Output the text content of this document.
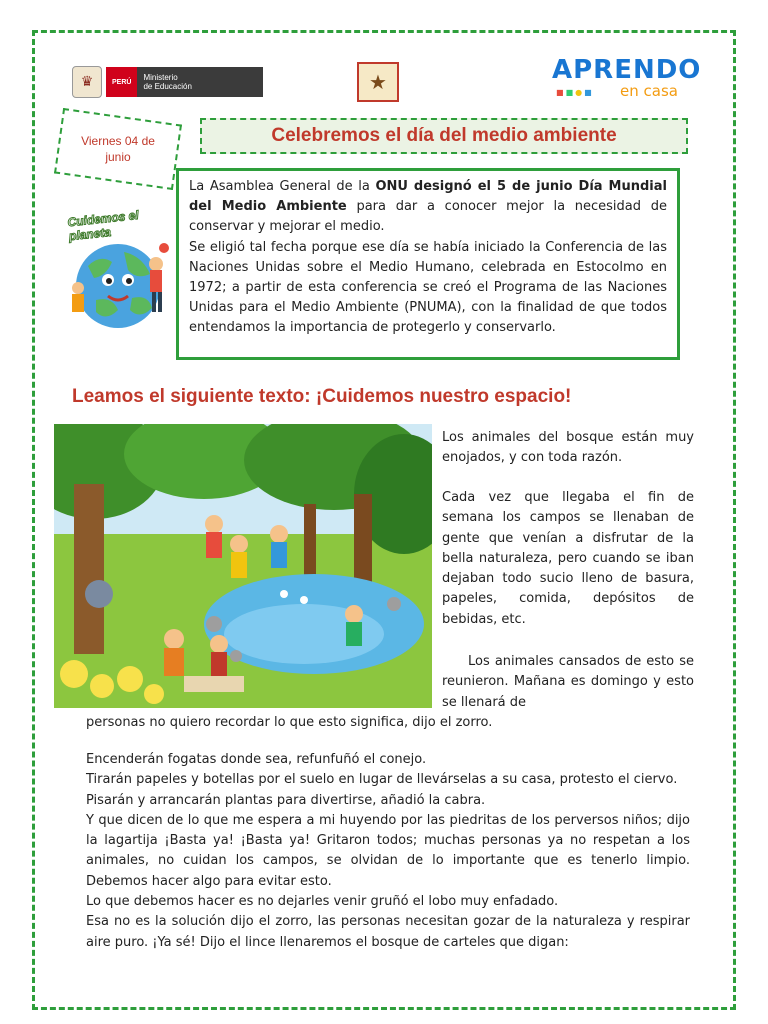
♛	PERÚ	Ministerio
de Educación	★	APRENDO
■■●■ en casa
Viernes 04 de junio
Celebremos el día del medio ambiente
Cuidemos el planeta

La Asamblea General de la ONU designó el 5 de junio Día Mundial del Medio Ambiente para dar a conocer mejor la necesidad de conservar y mejorar el medio.

Se eligió tal fecha porque ese día se había iniciado la Conferencia de las Naciones Unidas sobre el Medio Humano, celebrada en Estocolmo en 1972; a partir de esta conferencia se creó el Programa de las Naciones Unidas para el Medio Ambiente (PNUMA), con la finalidad de que todos entendamos la importancia de protegerlo y conservarlo.

Leamos el siguiente texto: ¡Cuidemos nuestro espacio!

Los animales del bosque están muy enojados, y con toda razón.

Cada vez que llegaba el fin de semana los campos se llenaban de gente que venían a disfrutar de la bella naturaleza, pero cuando se iban dejaban todo sucio lleno de basura, papeles, comida, depósitos de bebidas, etc.

Los animales cansados de esto se reunieron. Mañana es domingo y esto se llenará de

personas no quiero recordar lo que esto significa, dijo el zorro.

Encenderán fogatas donde sea, refunfuñó el conejo.

Tirarán papeles y botellas por el suelo en lugar de llevárselas a su casa, protesto el ciervo.

Pisarán y arrancarán plantas para divertirse, añadió la cabra.

Y que dicen de lo que me espera a mi huyendo por las piedritas de los perversos niños; dijo la lagartija ¡Basta ya! ¡Basta ya! Gritaron todos; muchas personas ya no respetan a los animales, no cuidan los campos, se olvidan de lo importante que es tenerlo limpio. Debemos hacer algo para evitar esto.

Lo que debemos hacer es no dejarles venir gruñó el lobo muy enfadado.

Esa no es la solución dijo el zorro, las personas necesitan gozar de la naturaleza y respirar aire puro. ¡Ya sé! Dijo el lince llenaremos el bosque de carteles que digan:
